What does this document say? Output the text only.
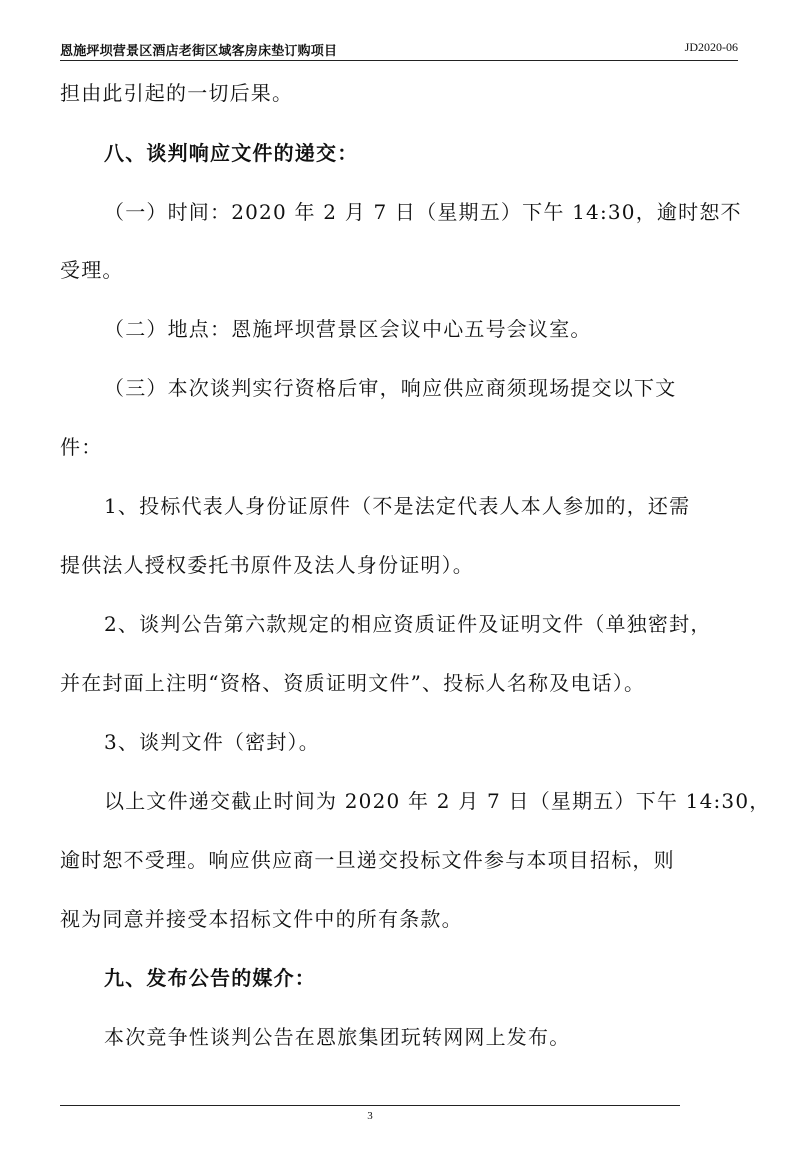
恩施坪坝营景区酒店老街区域客房床垫订购项目	JD2020-06
担由此引起的一切后果。
八、谈判响应文件的递交：
（一）时间：2020 年 2 月 7 日（星期五）下午 14:30，逾时恕不
受理。
（二）地点：恩施坪坝营景区会议中心五号会议室。
（三）本次谈判实行资格后审，响应供应商须现场提交以下文
件：
1、投标代表人身份证原件（不是法定代表人本人参加的，还需
提供法人授权委托书原件及法人身份证明）。
2、谈判公告第六款规定的相应资质证件及证明文件（单独密封，
并在封面上注明“资格、资质证明文件”、投标人名称及电话）。
3、谈判文件（密封）。
以上文件递交截止时间为 2020 年 2 月 7 日（星期五）下午 14:30，
逾时恕不受理。响应供应商一旦递交投标文件参与本项目招标，则
视为同意并接受本招标文件中的所有条款。
九、发布公告的媒介：
本次竞争性谈判公告在恩旅集团玩转网网上发布。
3
